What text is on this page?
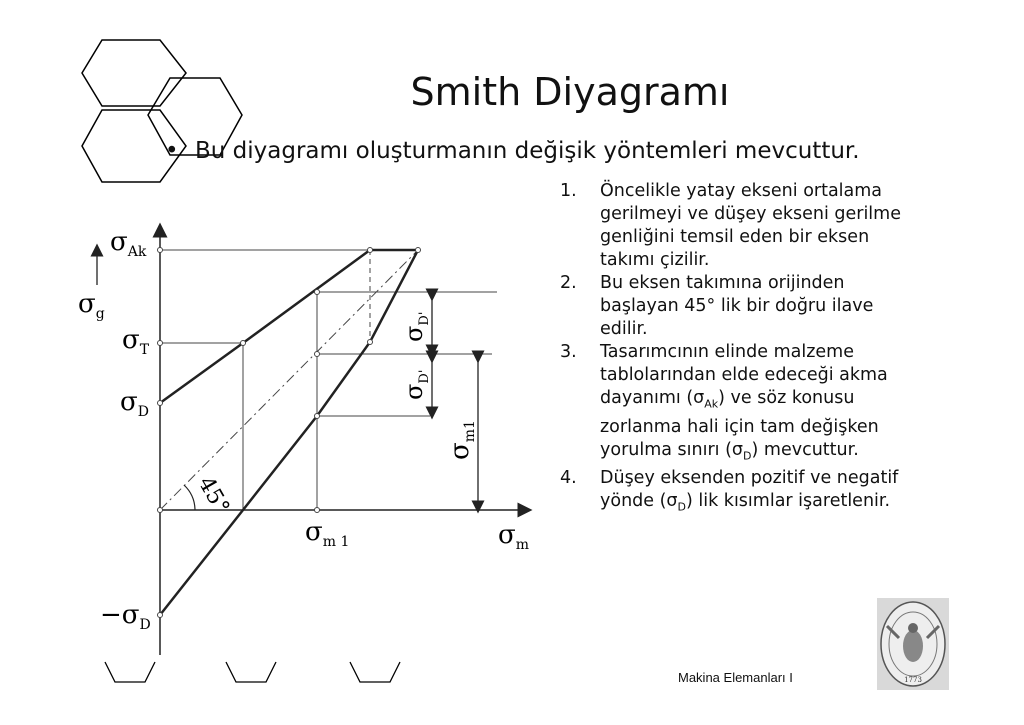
Smith Diyagramı
• Bu diyagramı oluşturmanın değişik yöntemleri mevcuttur.
$\sigma_{Ak}$
$\sigma_g$
$\sigma_T$
$\sigma_D$
$-\sigma_D$
$\sigma_{m 1}$	$\sigma_m$
45°
$\sigma_{D'}$
$\sigma_{D'}$
$\sigma_{m1}$
1. Öncelikle yatay ekseni ortalama gerilmeyi ve düşey ekseni gerilme genliğini temsil eden bir eksen takımı çizilir.
2. Bu eksen takımına orijinden başlayan 45° lik bir doğru ilave edilir.
3. Tasarımcının elinde malzeme tablolarından elde edeceği akma dayanımı $(\sigma_{Ak})$ ve söz konusu zorlanma hali için tam değişken yorulma sınırı $(\sigma_D)$ mevcuttur.
4. Düşey eksenden pozitif ve negatif yönde $(\sigma_D)$ lik kısımlar işaretlenir.
Makina Elemanları I	1773
